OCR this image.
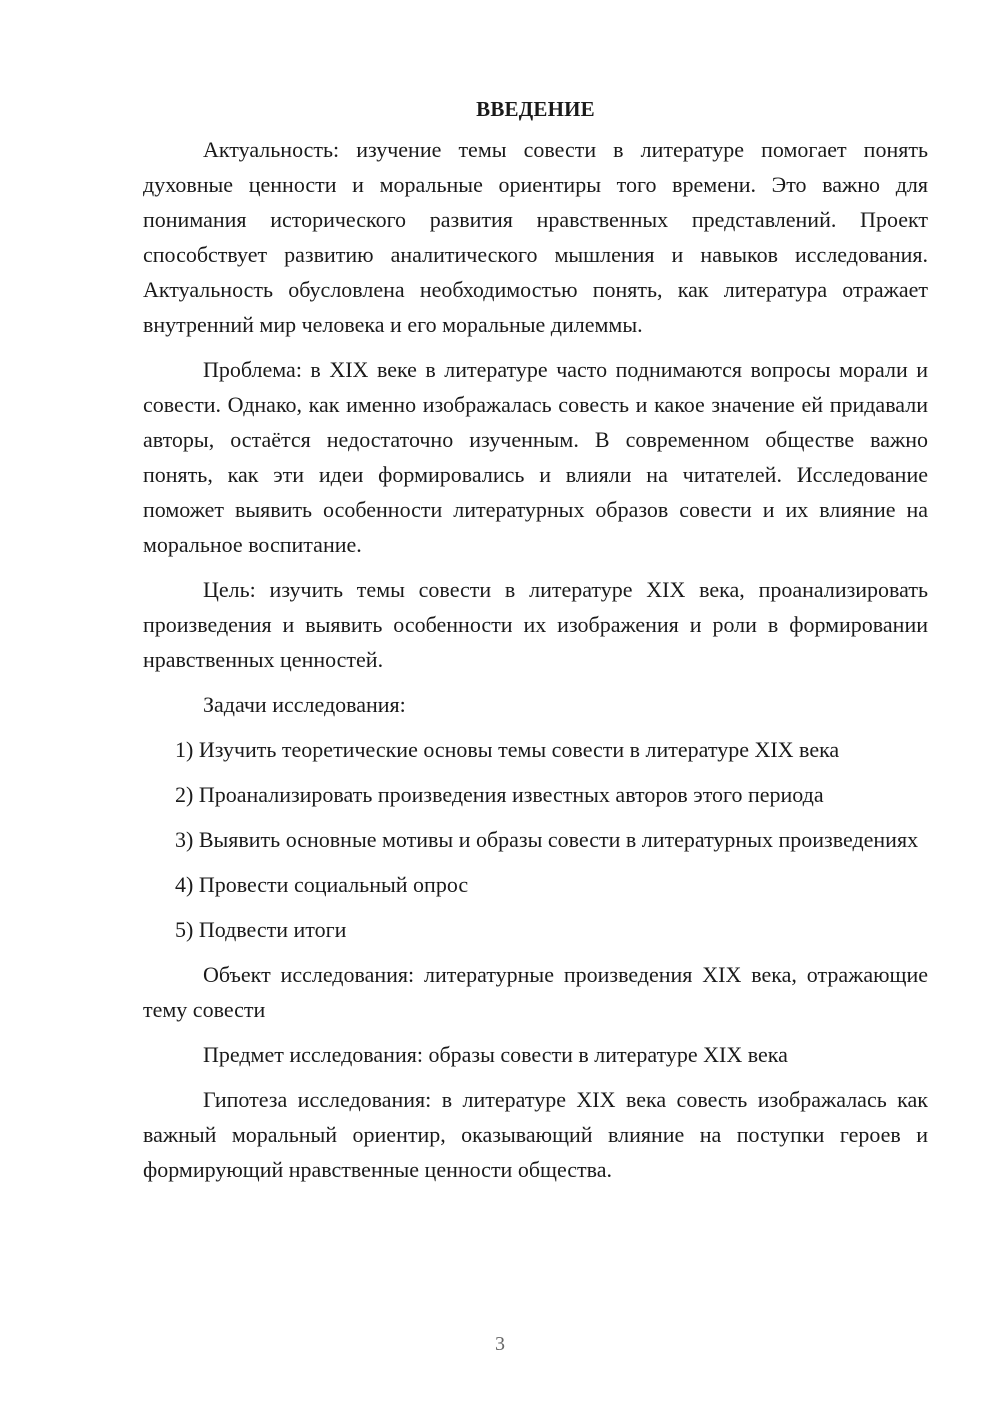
ВВЕДЕНИЕ

Актуальность: изучение темы совести в литературе помогает понять духовные ценности и моральные ориентиры того времени. Это важно для понимания исторического развития нравственных представлений. Проект способствует развитию аналитического мышления и навыков исследования. Актуальность обусловлена необходимостью понять, как литература отражает внутренний мир человека и его моральные дилеммы.

Проблема: в XIX веке в литературе часто поднимаются вопросы морали и совести. Однако, как именно изображалась совесть и какое значение ей придавали авторы, остаётся недостаточно изученным. В современном обществе важно понять, как эти идеи формировались и влияли на читателей. Исследование поможет выявить особенности литературных образов совести и их влияние на моральное воспитание.

Цель: изучить темы совести в литературе XIX века, проанализировать произведения и выявить особенности их изображения и роли в формировании нравственных ценностей.

Задачи исследования:

1) Изучить теоретические основы темы совести в литературе XIX века

2) Проанализировать произведения известных авторов этого периода

3) Выявить основные мотивы и образы совести в литературных произведениях

4) Провести социальный опрос

5) Подвести итоги

Объект исследования: литературные произведения XIX века, отражающие тему совести

Предмет исследования: образы совести в литературе XIX века

Гипотеза исследования: в литературе XIX века совесть изображалась как важный моральный ориентир, оказывающий влияние на поступки героев и формирующий нравственные ценности общества.

3
